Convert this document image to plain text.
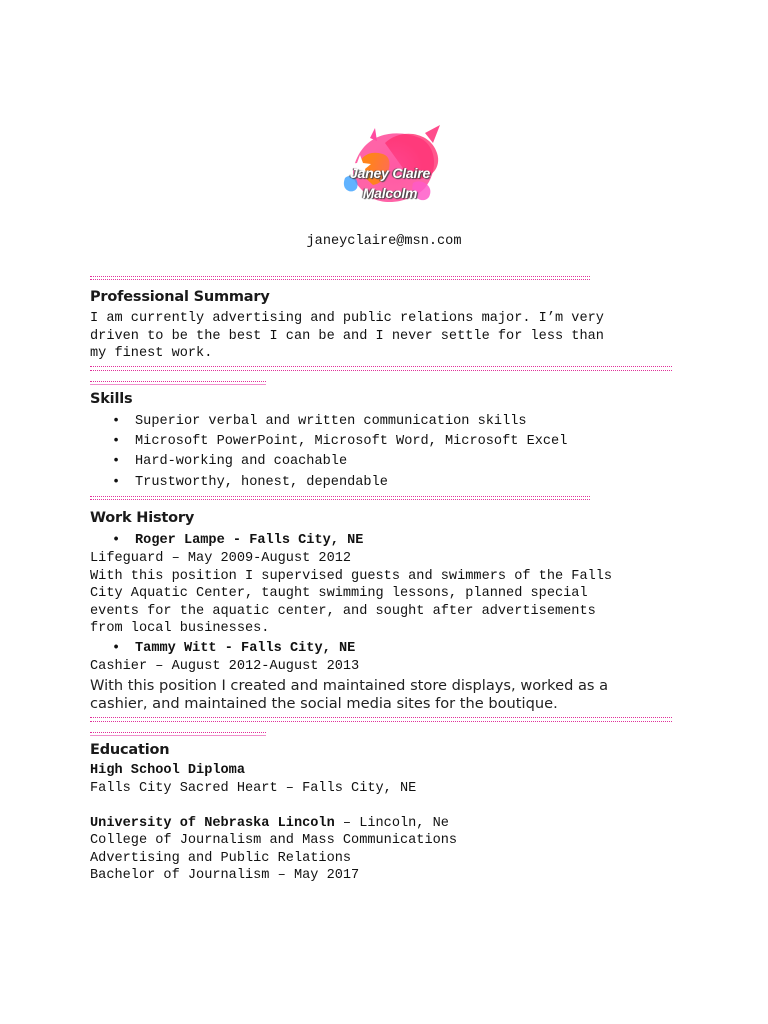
Janey Claire
Malcolm
janeyclaire@msn.com
Professional Summary
I am currently advertising and public relations major. I’m very
driven to be the best I can be and I never settle for less than
my finest work.
Skills
• Superior verbal and written communication skills
• Microsoft PowerPoint, Microsoft Word, Microsoft Excel
• Hard-working and coachable
• Trustworthy, honest, dependable
Work History
• Roger Lampe - Falls City, NE
Lifeguard – May 2009-August 2012
With this position I supervised guests and swimmers of the Falls
City Aquatic Center, taught swimming lessons, planned special
events for the aquatic center, and sought after advertisements
from local businesses.
• Tammy Witt - Falls City, NE
Cashier – August 2012-August 2013
With this position I created and maintained store displays, worked as a
cashier, and maintained the social media sites for the boutique.
Education
High School Diploma
Falls City Sacred Heart – Falls City, NE
University of Nebraska Lincoln – Lincoln, Ne
College of Journalism and Mass Communications
Advertising and Public Relations
Bachelor of Journalism – May 2017
